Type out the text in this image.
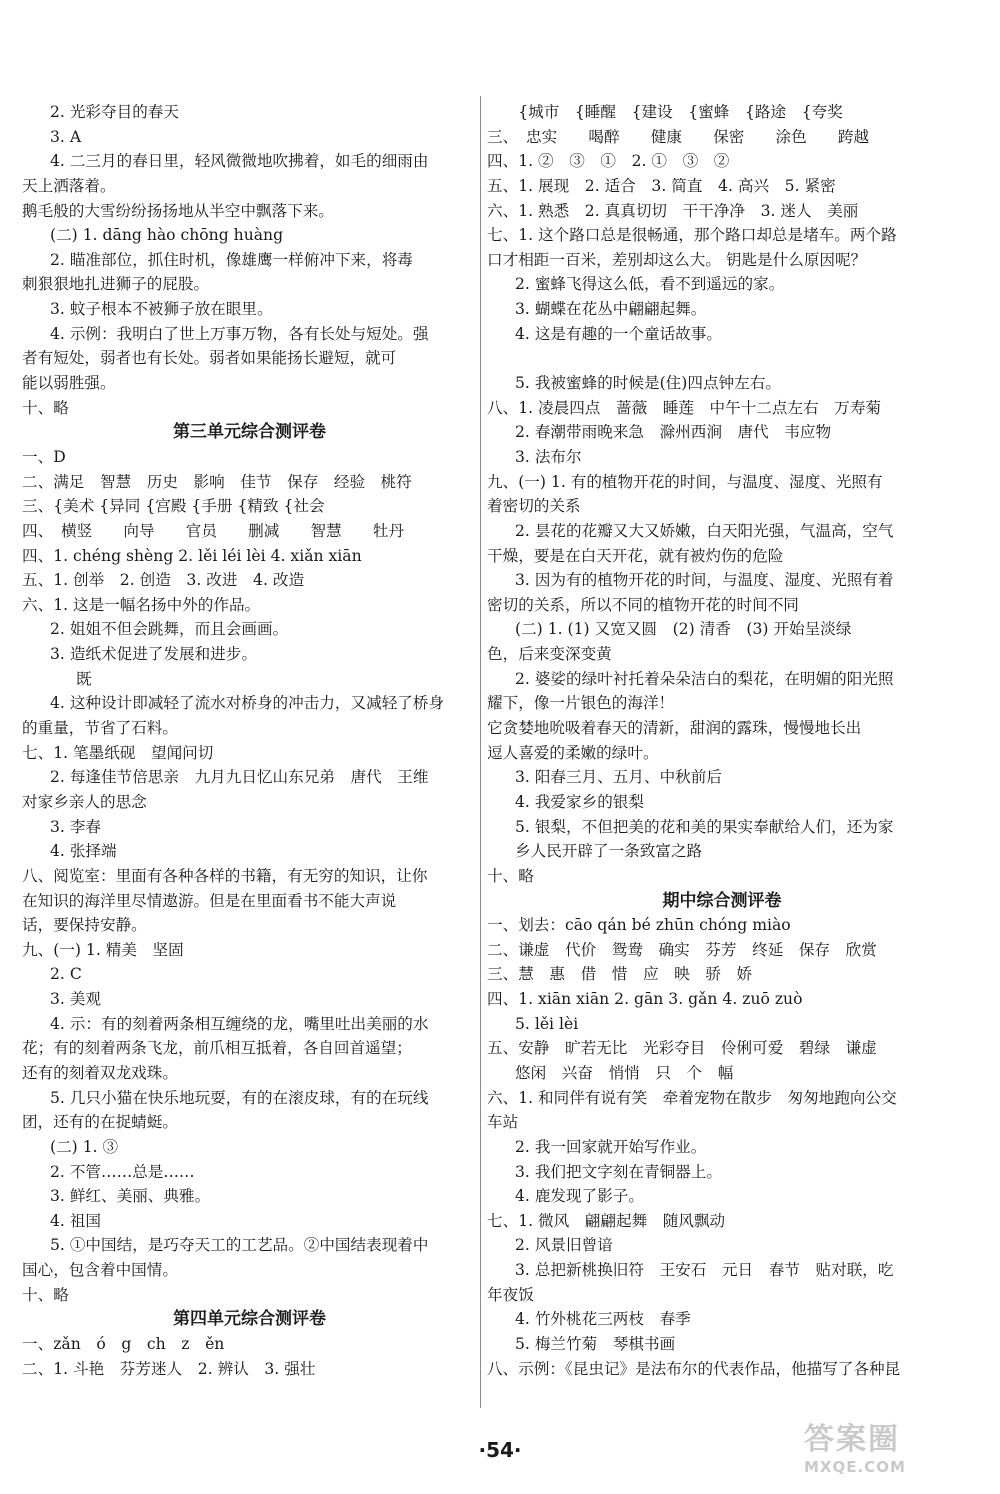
2. 光彩夺目的春天
3. A
4. 二三月的春日里，轻风微微地吹拂着，如毛的细雨由
天上洒落着。
鹅毛般的大雪纷纷扬扬地从半空中飘落下来。
(二) 1. dāng hào chōng huàng
2. 瞄准部位，抓住时机，像雄鹰一样俯冲下来，将毒
刺狠狠地扎进狮子的屁股。
3. 蚊子根本不被狮子放在眼里。
4. 示例：我明白了世上万事万物，各有长处与短处。强
者有短处，弱者也有长处。弱者如果能扬长避短，就可
能以弱胜强。
十、略
第三单元综合测评卷
一、D
二、满足　智慧　历史　影响　佳节　保存　经验　桃符
三、{美术 {异同 {宫殿 {手册 {精致 {社会
四、　横竖　　向导　　官员　　删减　　智慧　　牡丹
四、1. chéng shèng 2. lěi léi lèi 4. xiǎn xiān
五、1. 创举　2. 创造　3. 改进　4. 改造
六、1. 这是一幅名扬中外的作品。
2. 姐姐不但会跳舞，而且会画画。
3. 造纸术促进了发展和进步。
既
4. 这种设计即减轻了流水对桥身的冲击力，又减轻了桥身
的重量，节省了石料。
七、1. 笔墨纸砚　望闻问切
2. 每逢佳节倍思亲　九月九日忆山东兄弟　唐代　王维
对家乡亲人的思念
3. 李春
4. 张择端
八、阅览室：里面有各种各样的书籍，有无穷的知识，让你
在知识的海洋里尽情遨游。但是在里面看书不能大声说
话，要保持安静。
九、(一) 1. 精美　坚固
2. C
3. 美观
4. 示：有的刻着两条相互缠绕的龙，嘴里吐出美丽的水
花；有的刻着两条飞龙，前爪相互抵着，各自回首遥望；
还有的刻着双龙戏珠。
5. 几只小猫在快乐地玩耍，有的在滚皮球，有的在玩线
团，还有的在捉蜻蜓。
(二) 1. ③
2. 不管……总是……
3. 鲜红、美丽、典雅。
4. 祖国
5. ①中国结，是巧夺天工的工艺品。②中国结表现着中
国心，包含着中国情。
十、略
第四单元综合测评卷
一、zǎn　ó　g　ch　z　ěn
二、1. 斗艳　芬芳迷人　2. 辨认　3. 强壮
　　{城市　{睡醒　{建设　{蜜蜂　{路途　{夸奖
三、　忠实　　喝醉　　健康　　保密　　涂色　　跨越
四、1. ②　③　①　2. ①　③　②
五、1. 展现　2. 适合　3. 简直　4. 高兴　5. 紧密
六、1. 熟悉　2. 真真切切　干干净净　3. 迷人　美丽
七、1. 这个路口总是很畅通，那个路口却总是堵车。两个路
口才相距一百米，差别却这么大。 钥匙是什么原因呢？
2. 蜜蜂飞得这么低，看不到遥远的家。
3. 蝴蝶在花丛中翩翩起舞。
4. 这是有趣的一个童话故事。
5. 我被蜜蜂的时候是(住)四点钟左右。
八、1. 凌晨四点　蔷薇　睡莲　中午十二点左右　万寿菊
2. 春潮带雨晚来急　滁州西涧　唐代　韦应物
3. 法布尔
九、(一) 1. 有的植物开花的时间，与温度、湿度、光照有
着密切的关系
2. 昙花的花瓣又大又娇嫩，白天阳光强，气温高，空气
干燥，要是在白天开花，就有被灼伤的危险
3. 因为有的植物开花的时间，与温度、湿度、光照有着
密切的关系，所以不同的植物开花的时间不同
(二) 1. (1) 又宽又圆　(2) 清香　(3) 开始呈淡绿
色，后来变深变黄
2. 婆娑的绿叶衬托着朵朵洁白的梨花，在明媚的阳光照
耀下，像一片银色的海洋！
它贪婪地吮吸着春天的清新，甜润的露珠，慢慢地长出
逗人喜爱的柔嫩的绿叶。
3. 阳春三月、五月、中秋前后
4. 我爱家乡的银梨
5. 银梨，不但把美的花和美的果实奉献给人们，还为家
乡人民开辟了一条致富之路
十、略
期中综合测评卷
一、划去：cāo qán bé zhūn chóng miào
二、谦虚　代价　鸳鸯　确实　芬芳　终延　保存　欣赏
三、慧　惠　借　惜　应　映　骄　娇
四、1. xiān xiān 2. gān 3. gǎn 4. zuō zuò
5. lěi lèi
五、安静　旷若无比　光彩夺目　伶俐可爱　碧绿　谦虚
悠闲　兴奋　悄悄　只　个　幅
六、1. 和同伴有说有笑　牵着宠物在散步　匆匆地跑向公交
车站
2. 我一回家就开始写作业。
3. 我们把文字刻在青铜器上。
4. 鹿发现了影子。
七、1. 微风　翩翩起舞　随风飘动
2. 风景旧曾谙
3. 总把新桃换旧符　王安石　元日　春节　贴对联，吃
年夜饭
4. 竹外桃花三两枝　春季
5. 梅兰竹菊　琴棋书画
八、示例：《昆虫记》是法布尔的代表作品，他描写了各种昆
·54·	答案圈
MXQE.COM
